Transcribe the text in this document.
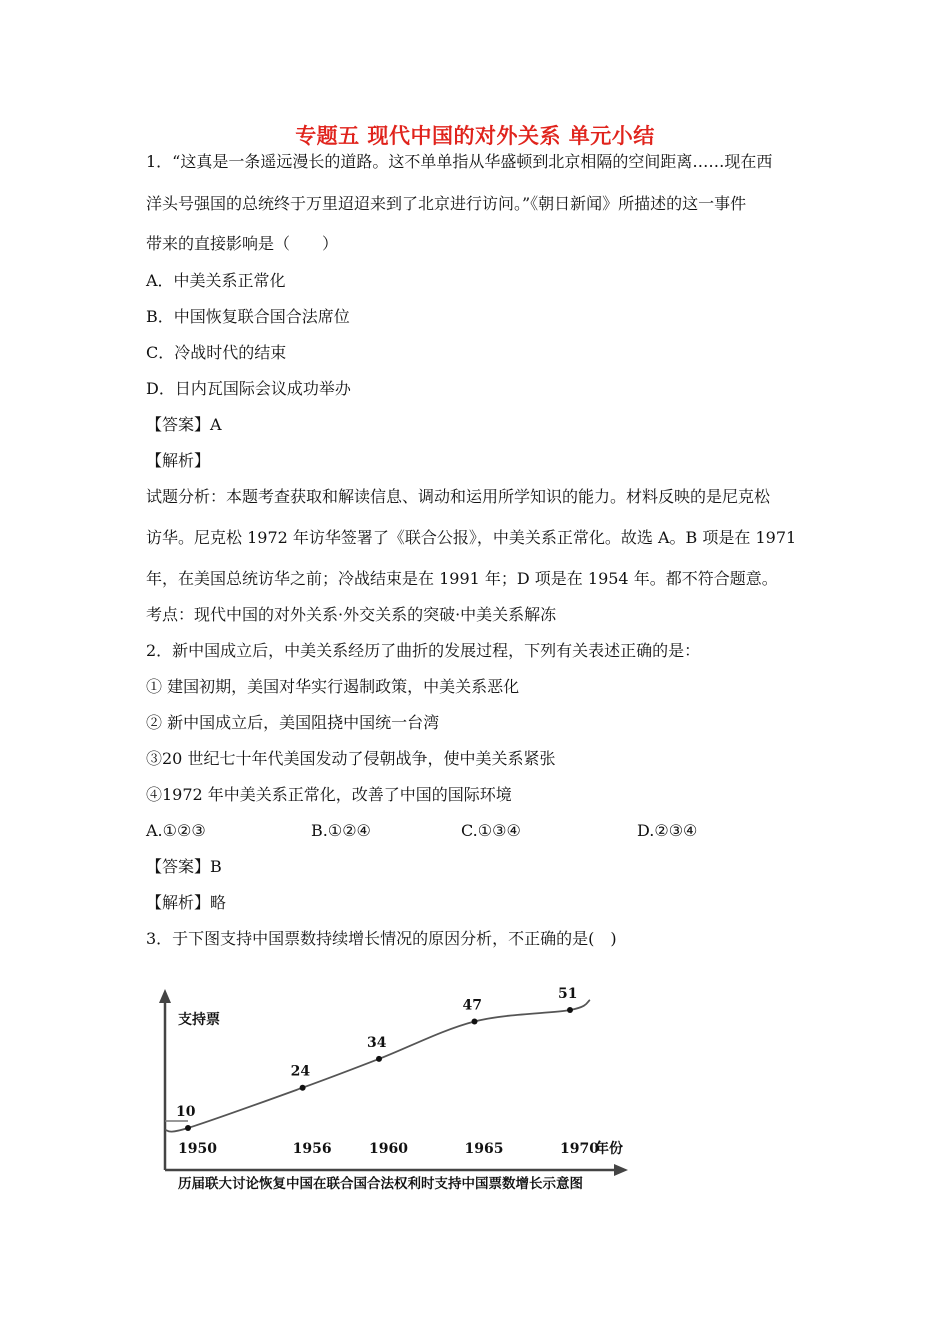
专题五 现代中国的对外关系 单元小结
1．“这真是一条遥远漫长的道路。这不单单指从华盛顿到北京相隔的空间距离……现在西
洋头号强国的总统终于万里迢迢来到了北京进行访问。”《朝日新闻》所描述的这一事件
带来的直接影响是（　　）
A．中美关系正常化
B．中国恢复联合国合法席位
C．冷战时代的结束
D．日内瓦国际会议成功举办
【答案】A
【解析】
试题分析：本题考查获取和解读信息、调动和运用所学知识的能力。材料反映的是尼克松
访华。尼克松 1972 年访华签署了《联合公报》，中美关系正常化。故选 A。B 项是在 1971
年，在美国总统访华之前；冷战结束是在 1991 年；D 项是在 1954 年。都不符合题意。
考点：现代中国的对外关系·外交关系的突破·中美关系解冻
2．新中国成立后，中美关系经历了曲折的发展过程，下列有关表述正确的是：
① 建国初期，美国对华实行遏制政策，中美关系恶化
② 新中国成立后，美国阻挠中国统一台湾
③20 世纪七十年代美国发动了侵朝战争，使中美关系紧张
④1972 年中美关系正常化，改善了中国的国际环境
A.①②③	B.①②④	C.①③④	D.②③④
【答案】B
【解析】略
3．于下图支持中国票数持续增长情况的原因分析，不正确的是(　)
支持票
年份
10
1950
24
1956
34
1960
47
1965
51
1970
历届联大讨论恢复中国在联合国合法权利时支持中国票数增长示意图
